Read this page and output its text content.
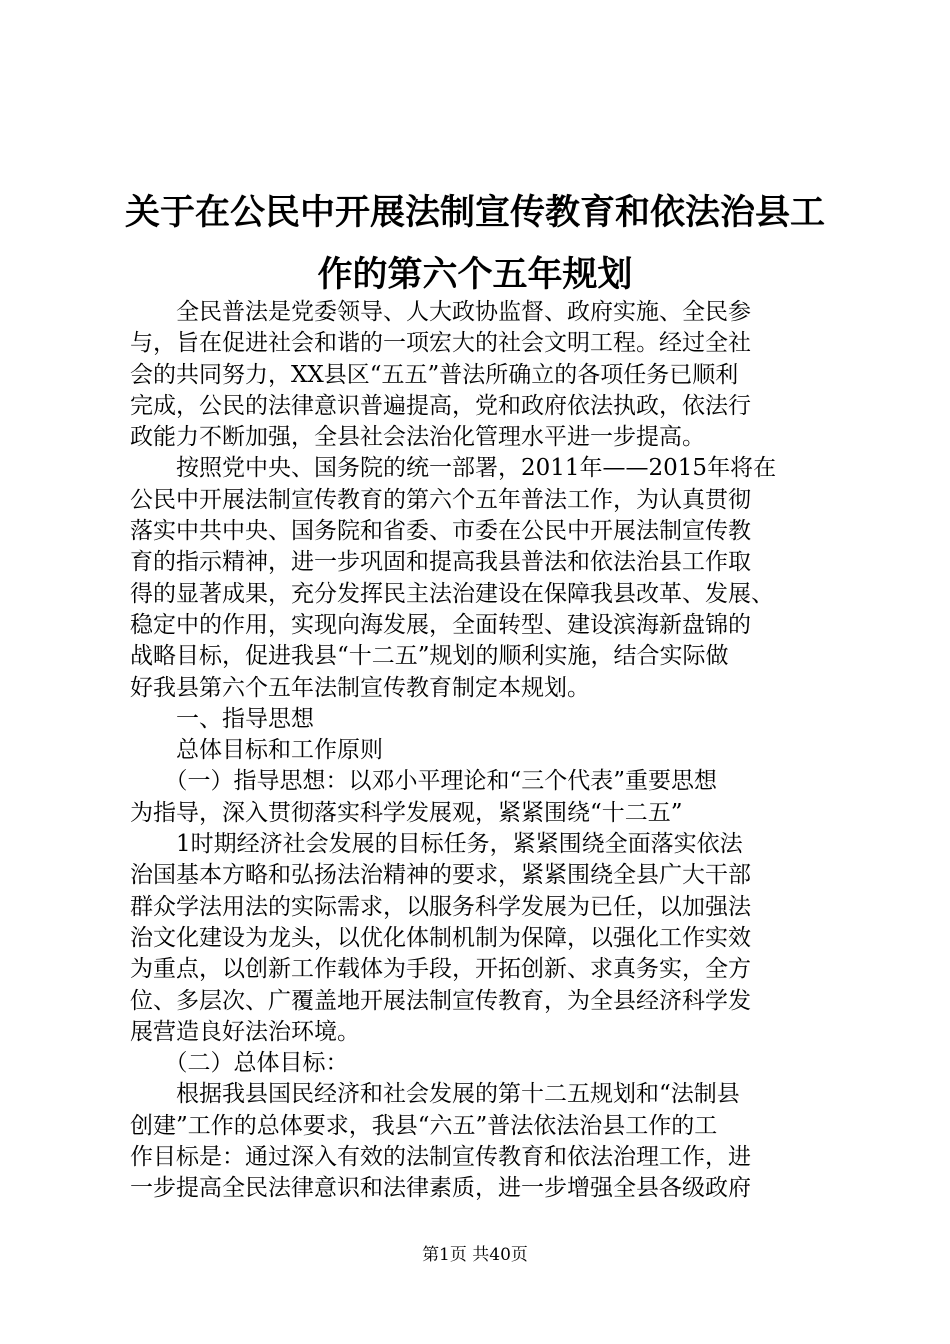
关于在公民中开展法制宣传教育和依法治县工
作的第六个五年规划
　　全民普法是党委领导、人大政协监督、政府实施、全民参
与，旨在促进社会和谐的一项宏大的社会文明工程。经过全社
会的共同努力，XX县区“五五”普法所确立的各项任务已顺利
完成，公民的法律意识普遍提高，党和政府依法执政，依法行
政能力不断加强，全县社会法治化管理水平进一步提高。
　　按照党中央、国务院的统一部署，2011年——2015年将在
公民中开展法制宣传教育的第六个五年普法工作，为认真贯彻
落实中共中央、国务院和省委、市委在公民中开展法制宣传教
育的指示精神，进一步巩固和提高我县普法和依法治县工作取
得的显著成果，充分发挥民主法治建设在保障我县改革、发展、
稳定中的作用，实现向海发展，全面转型、建设滨海新盘锦的
战略目标，促进我县“十二五”规划的顺利实施，结合实际做
好我县第六个五年法制宣传教育制定本规划。
　　一、指导思想
　　总体目标和工作原则
　　（一）指导思想：以邓小平理论和“三个代表”重要思想
为指导，深入贯彻落实科学发展观，紧紧围绕“十二五”
　　1时期经济社会发展的目标任务，紧紧围绕全面落实依法
治国基本方略和弘扬法治精神的要求，紧紧围绕全县广大干部
群众学法用法的实际需求，以服务科学发展为已任，以加强法
治文化建设为龙头，以优化体制机制为保障，以强化工作实效
为重点，以创新工作载体为手段，开拓创新、求真务实，全方
位、多层次、广覆盖地开展法制宣传教育，为全县经济科学发
展营造良好法治环境。
　　（二）总体目标：
　　根据我县国民经济和社会发展的第十二五规划和“法制县
创建”工作的总体要求，我县“六五”普法依法治县工作的工
作目标是：通过深入有效的法制宣传教育和依法治理工作，进
一步提高全民法律意识和法律素质，进一步增强全县各级政府
第1页 共40页
